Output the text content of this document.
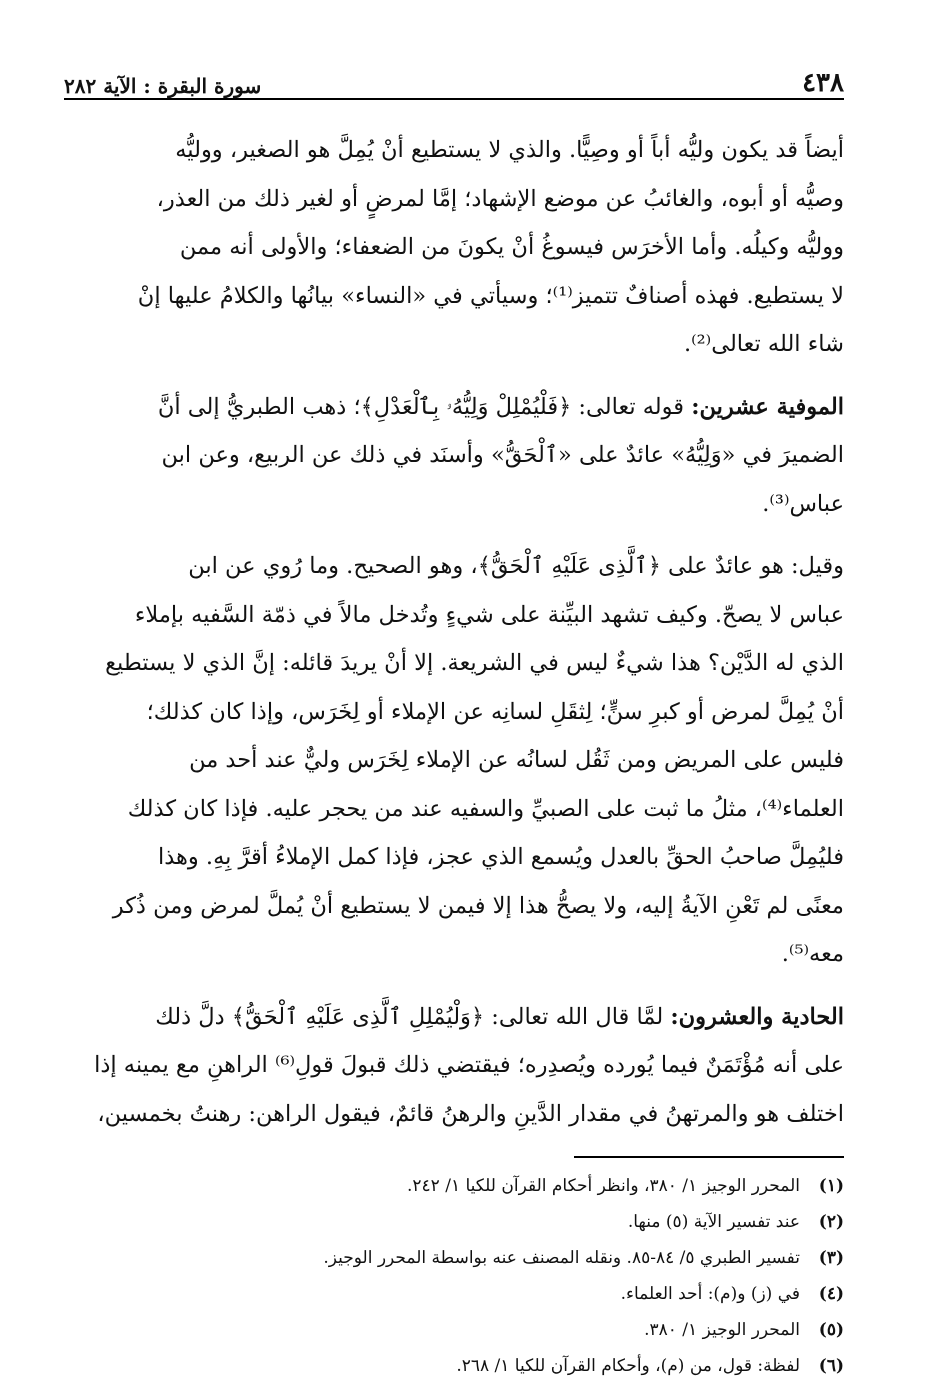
٤٣٨
سورة البقرة : الآية ٢٨٢

أيضاً قد يكون وليُّه أباً أو وصِيًّا. والذي لا يستطيع أنْ يُمِلَّ هو الصغير، ووليُّه
وصيُّه أو أبوه، والغائبُ عن موضع الإشهاد؛ إمَّا لمرضٍ أو لغير ذلك من العذر،
ووليُّه وكيلُه. وأما الأخرَس فيسوغُ أنْ يكونَ من الضعفاء؛ والأولى أنه ممن
لا يستطيع. فهذه أصنافٌ تتميز⁽¹⁾؛ وسيأتي في «النساء» بيانُها والكلامُ عليها إنْ
شاء الله تعالى⁽²⁾.

الموفية عشرين: قوله تعالى: ﴿فَلْيُمْلِلْ وَلِيُّهُۥ بِٱلْعَدْلِ﴾؛ ذهب الطبريُّ إلى أنَّ
الضميرَ في «وَلِيُّهُ» عائدٌ على «ٱلْحَقُّ» وأسنَد في ذلك عن الربيع، وعن ابن
عباس⁽³⁾.

وقيل: هو عائدٌ على ﴿ٱلَّذِى عَلَيْهِ ٱلْحَقُّ﴾، وهو الصحيح. وما رُوي عن ابن
عباس لا يصحّ. وكيف تشهد البيِّنة على شيءٍ وتُدخل مالاً في ذمّة السَّفيه بإملاء
الذي له الدَّيْن؟ هذا شيءٌ ليس في الشريعة. إلا أنْ يريدَ قائله: إنَّ الذي لا يستطيع
أنْ يُمِلَّ لمرض أو كبرِ سنٍّ؛ لِثقَلِ لسانِه عن الإملاء أو لِخَرَس، وإذا كان كذلك؛
فليس على المريض ومن ثَقُل لسانُه عن الإملاء لِخَرَس وليٌّ عند أحد من
العلماء⁽⁴⁾، مثلُ ما ثبت على الصبيِّ والسفيه عند من يحجر عليه. فإذا كان كذلك
فليُمِلَّ صاحبُ الحقِّ بالعدل ويُسمع الذي عجز، فإذا كمل الإملاءُ أقرَّ بِهِ. وهذا
معنًى لم تَعْنِ الآيةُ إليه، ولا يصحُّ هذا إلا فيمن لا يستطيع أنْ يُملَّ لمرض ومن ذُكر
معه⁽⁵⁾.

الحادية والعشرون: لمَّا قال الله تعالى: ﴿وَلْيُمْلِلِ ٱلَّذِى عَلَيْهِ ٱلْحَقُّ﴾ دلَّ ذلك
على أنه مُؤْتَمَنٌ فيما يُورده ويُصدِره؛ فيقتضي ذلك قبولَ قولِ⁽⁶⁾ الراهنِ مع يمينه إذا
اختلف هو والمرتهنُ في مقدار الدَّينِ والرهنُ قائمٌ، فيقول الراهن: رهنتُ بخمسين،

(١)
المحرر الوجيز ١/ ٣٨٠، وانظر أحكام القرآن للكيا ١/ ٢٤٢.
(٢)
عند تفسير الآية (٥) منها.
(٣)
تفسير الطبري ٥/ ٨٤-٨٥. ونقله المصنف عنه بواسطة المحرر الوجيز.
(٤)
في (ز) و(م): أحد العلماء.
(٥)
المحرر الوجيز ١/ ٣٨٠.
(٦)
لفظة: قول، من (م)، وأحكام القرآن للكيا ١/ ٢٦٨.
